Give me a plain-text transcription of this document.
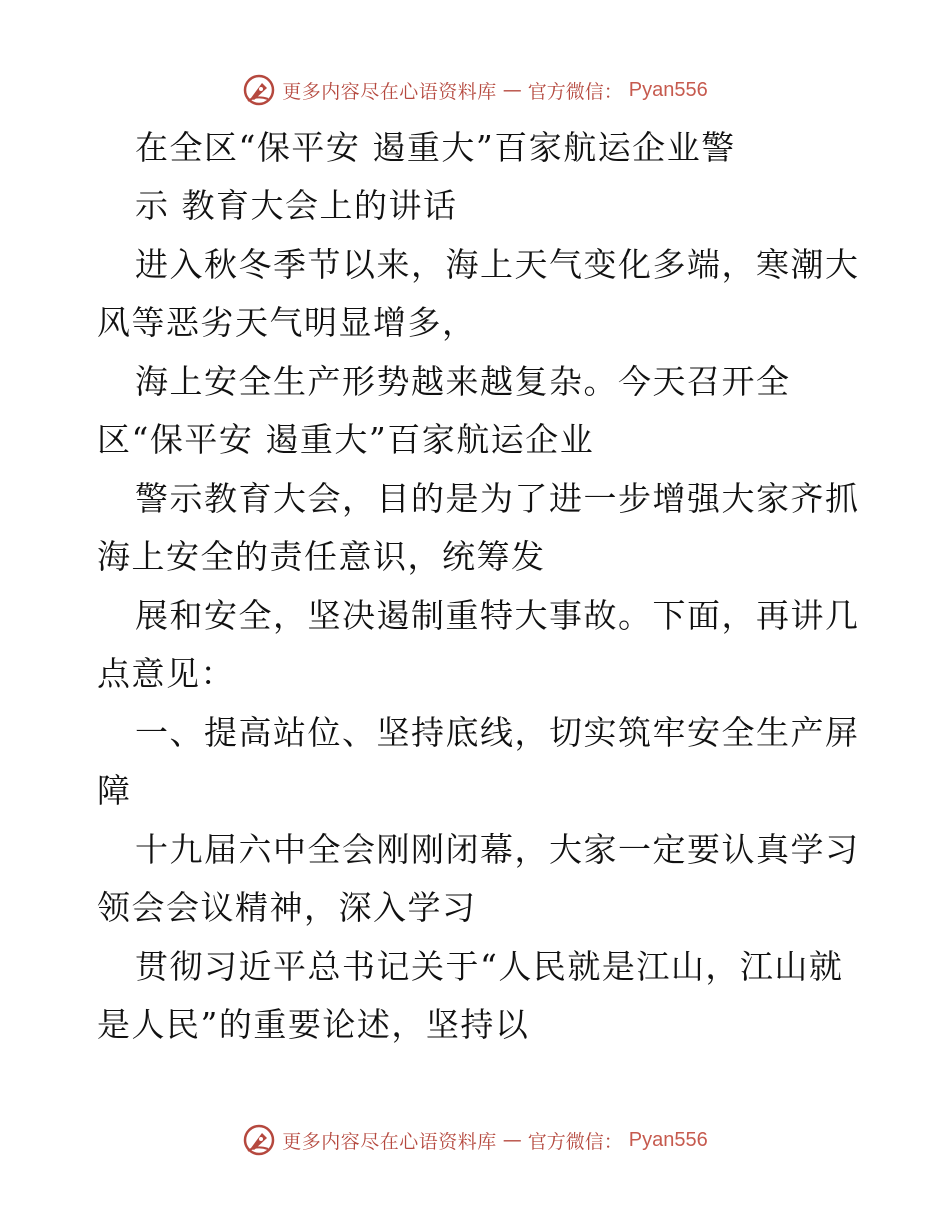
更多内容尽在心语资料库 — 官方微信： Pyan556
在全区“保平安 遏重大”百家航运企业警
示 教育大会上的讲话
进入秋冬季节以来，海上天气变化多端，寒潮大
风等恶劣天气明显增多，
海上安全生产形势越来越复杂。今天召开全
区“保平安 遏重大”百家航运企业
警示教育大会，目的是为了进一步增强大家齐抓
海上安全的责任意识，统筹发
展和安全，坚决遏制重特大事故。下面，再讲几
点意见：
一、提高站位、坚持底线，切实筑牢安全生产屏
障
十九届六中全会刚刚闭幕，大家一定要认真学习
领会会议精神，深入学习
贯彻习近平总书记关于“人民就是江山，江山就
是人民”的重要论述，坚持以
更多内容尽在心语资料库 — 官方微信： Pyan556
